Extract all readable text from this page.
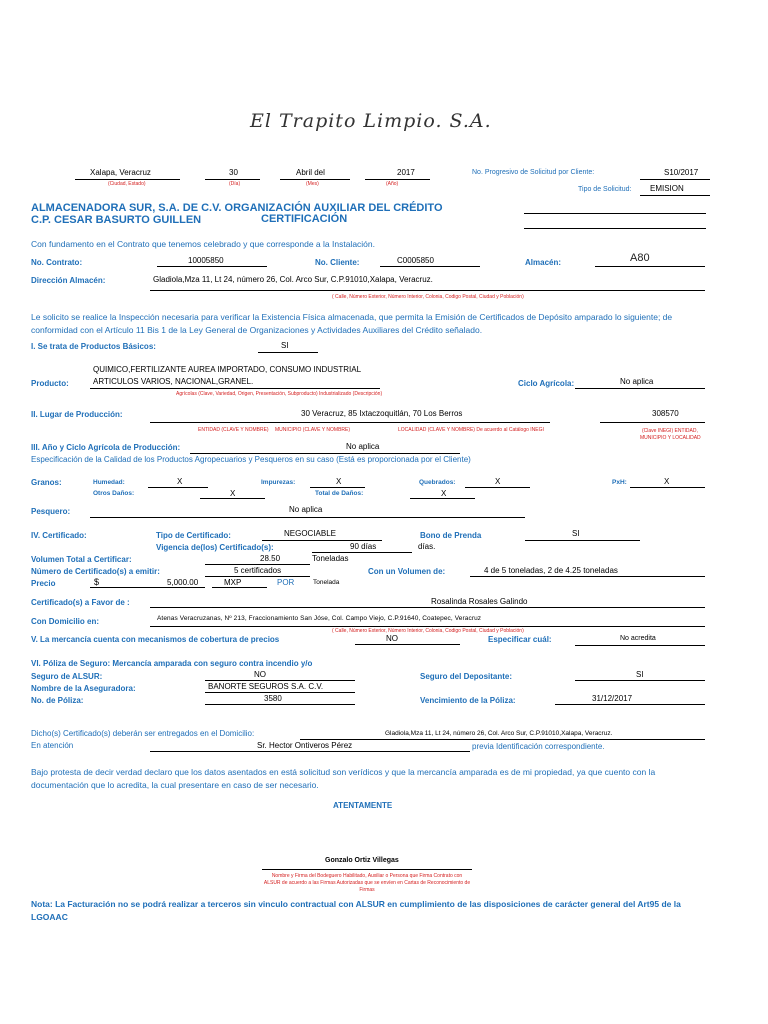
El Trapito Limpio. S.A.
Xalapa, Veracruz
(Ciudad, Estado)
30
(Día)
Abril del
(Mes)
2017
(Año)
No. Progresivo de Solicitud por Cliente:	S10/2017
Tipo de Solicitud: EMISION
ALMACENADORA SUR, S.A. DE C.V. ORGANIZACIÓN AUXILIAR DEL CRÉDITO
C.P. CESAR BASURTO GUILLEN	CERTIFICACIÓN
Con fundamento en el Contrato que tenemos celebrado y que corresponde a la Instalación.
No. Contrato:	10005850	No. Cliente:	C0005850	Almacén:	A80
Dirección Almacén:	Gladiola,Mza 11, Lt 24, número 26, Col. Arco Sur, C.P.91010,Xalapa, Veracruz.
( Calle, Número Exterior, Número Interior, Colonia, Codigo Postal, Ciudad y Población)
Le solicito se realice la Inspección necesaria para verificar la Existencia Física almacenada, que permita la Emisión de Certificados de Depósito amparado lo siguiente; de conformidad con el Artículo 11 Bis 1 de la Ley General de Organizaciones y Actividades Auxiliares del Crédito señalado.
I. Se trata de Productos Básicos:	SI
QUIMICO,FERTILIZANTE AUREA IMPORTADO, CONSUMO INDUSTRIAL
Producto:	ARTICULOS VARIOS, NACIONAL,GRANEL.
Agrícolas (Clave, Variedad, Origen, Presentación, Subproducto) Industrializado (Descripción)
Ciclo Agrícola:	No aplica
II. Lugar de Producción:	30 Veracruz, 85 Ixtaczoquitlán, 70 Los Berros	308570
ENTIDAD (CLAVE Y NOMBRE) MUNICIPIO (CLAVE Y NOMBRE)	LOCALIDAD (CLAVE Y NOMBRE) De acuerdo al Catálogo INEGI	(Clave INEGI) ENTIDAD,
MUNICIPIO Y LOCALIDAD
III. Año y Ciclo Agrícola de Producción:	No aplica
Especificación de la Calidad de los Productos Agropecuarios y Pesqueros en su caso (Está es proporcionada por el Cliente)
Granos:	Humedad:	X	Impurezas:	X	Quebrados:	X	PxH:	X
Otros Daños:	X	Total de Daños:	X
Pesquero:	No aplica
IV. Certificado:	Tipo de Certificado:	NEGOCIABLE	Bono de Prenda	SI
Vigencia de(los) Certificado(s):	90 días	días.
Volumen Total a Certificar:	28.50	Toneladas
Número de Certificado(s) a emitir:	5 certificados	Con un Volumen de:	4 de 5 toneladas, 2 de 4.25 toneladas
Precio	$	5,000.00	MXP	POR	Tonelada
Certificado(s) a Favor de :	Rosalinda Rosales Galindo
Con Domicilio en:	Atenas Veracruzanas, Nº 213, Fraccionamiento San Jóse, Col. Campo Viejo, C.P.91640, Coatepec, Veracruz
( Calle, Número Exterior, Número Interior, Colonia, Codigo Postal, Ciudad y Población)
V. La mercancía cuenta con mecanismos de cobertura de precios	NO	Especificar cuál:	No acredita
VI. Póliza de Seguro: Mercancía amparada con seguro contra incendio y/o
Seguro de ALSUR:	NO	Seguro del Depositante:	SI
Nombre de la Aseguradora:	BANORTE SEGUROS S.A. C.V.
No. de Póliza:	3580	Vencimiento de la Póliza:	31/12/2017
Dicho(s) Certificado(s) deberán ser entregados en el Domicilio:	Gladiola,Mza 11, Lt 24, número 26, Col. Arco Sur, C.P.91010,Xalapa, Veracruz.
En atención	Sr. Hector Ontiveros Pérez	previa Identificación correspondiente.
Bajo protesta de decir verdad declaro que los datos asentados en está solicitud son verídicos y que la mercancía amparada es de mi propiedad, ya que cuento con la documentación que lo acredita, la cual presentare en caso de ser necesario.
ATENTAMENTE
Gonzalo Ortiz Villegas
Nombre y Firma del Bodeguero Habilitado, Auxiliar o Persona que Firma Contrato con
ALSUR de acuerdo a las Firmas Autorizadas que se envíen en Cartas de Reconocimiento de
Firmas
Nota: La Facturación no se podrá realizar a terceros sin vinculo contractual con ALSUR en cumplimiento de las disposiciones de carácter general del Art95 de la LGOAAC
